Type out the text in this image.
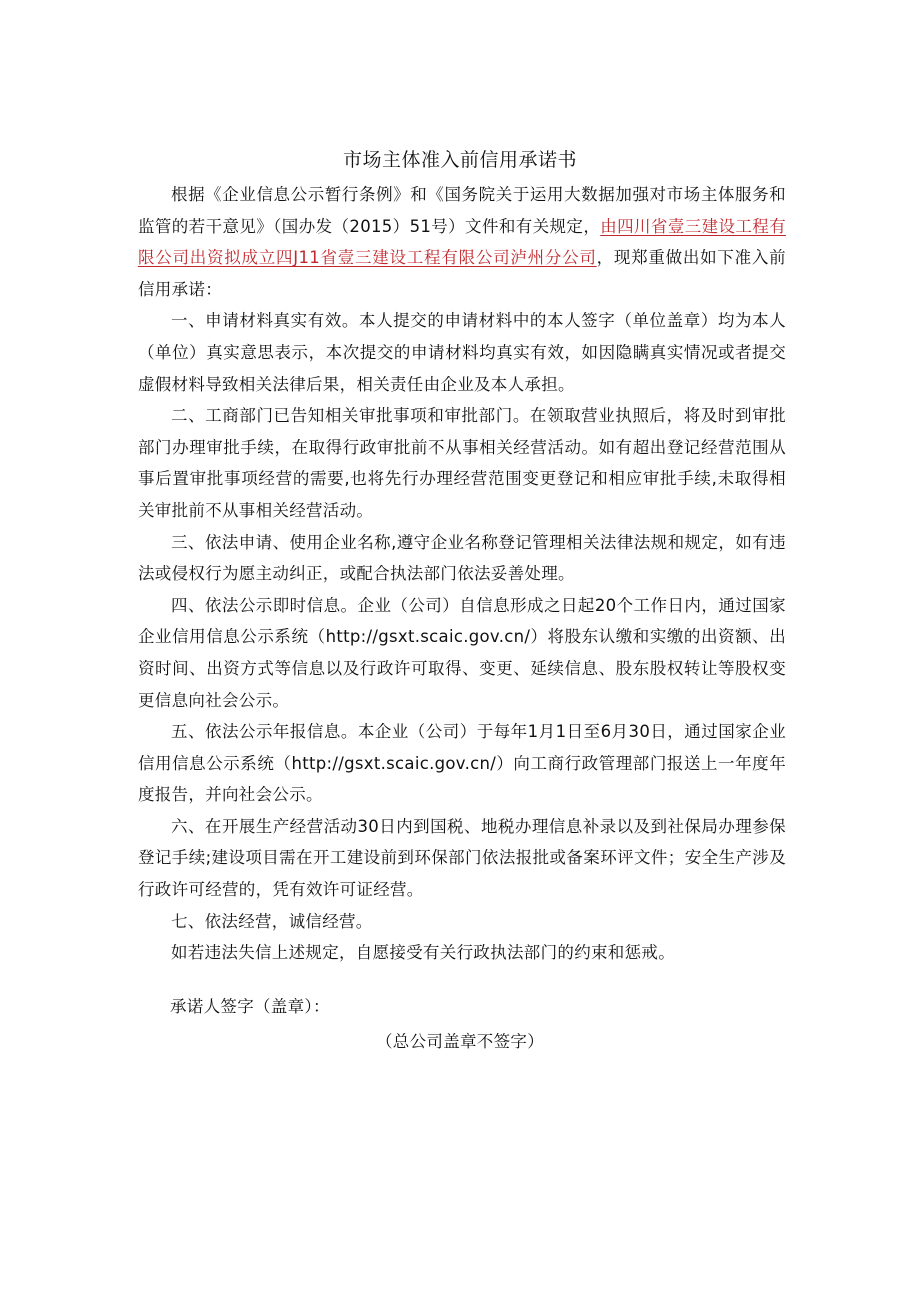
市场主体准入前信用承诺书

根据《企业信息公示暂行条例》和《国务院关于运用大数据加强对市场主体服务和监管的若干意见》（国办发（2015）51号）文件和有关规定，由四川省壹三建设工程有限公司出资拟成立四J11省壹三建设工程有限公司泸州分公司，现郑重做出如下准入前信用承诺：

一、申请材料真实有效。本人提交的申请材料中的本人签字（单位盖章）均为本人（单位）真实意思表示，本次提交的申请材料均真实有效，如因隐瞒真实情况或者提交虚假材料导致相关法律后果，相关责任由企业及本人承担。

二、工商部门已告知相关审批事项和审批部门。在领取营业执照后，将及时到审批部门办理审批手续，在取得行政审批前不从事相关经营活动。如有超出登记经营范围从事后置审批事项经营的需要,也将先行办理经营范围变更登记和相应审批手续,未取得相关审批前不从事相关经营活动。

三、依法申请、使用企业名称,遵守企业名称登记管理相关法律法规和规定，如有违法或侵权行为愿主动纠正，或配合执法部门依法妥善处理。

四、依法公示即时信息。企业（公司）自信息形成之日起20个工作日内，通过国家企业信用信息公示系统（http://gsxt.scaic.gov.cn/）将股东认缴和实缴的出资额、出资时间、出资方式等信息以及行政许可取得、变更、延续信息、股东股权转让等股权变更信息向社会公示。

五、依法公示年报信息。本企业（公司）于每年1月1日至6月30日，通过国家企业信用信息公示系统（http://gsxt.scaic.gov.cn/）向工商行政管理部门报送上一年度年度报告，并向社会公示。

六、在开展生产经营活动30日内到国税、地税办理信息补录以及到社保局办理参保登记手续;建设项目需在开工建设前到环保部门依法报批或备案环评文件；安全生产涉及行政许可经营的，凭有效许可证经营。

七、依法经营，诚信经营。

如若违法失信上述规定，自愿接受有关行政执法部门的约束和惩戒。

承诺人签字（盖章）：
（总公司盖章不签字）
